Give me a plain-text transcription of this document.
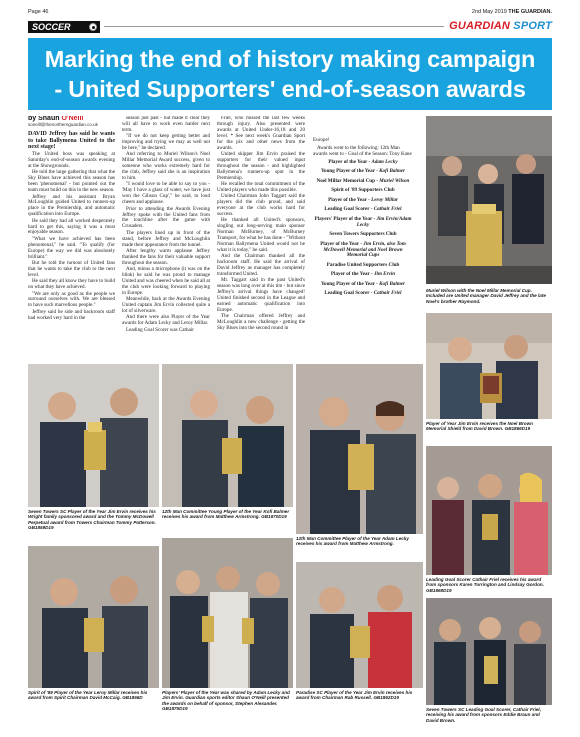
Page 46	2nd May 2019 THE GUARDIAN.
SOCCER	GUARDIAN SPORT
Marking the end of history making campaign
- United Supporters' end-of-season awards
by Shaun O'Neill
soneill@thenorthernguardian.co.uk
DAVID Jeffrey has said he wants to take Ballymena United to the next stage!

The United boss was speaking at Saturday's end-of-season awards evening at the Showgrounds.

He told the large gathering that what the Sky Blues have achieved this season has been 'phenomenal' - but pointed out the team must build on this in the new season.

Jeffrey and his assistant Bryan McLoughlin guided United to runners-up place in the Premiership, and automatic qualification into Europe.

He said they had all worked desperately hard to get this, saying it was a most enjoyable season.

"What we have achieved has been phenomenal," he said. "To qualify (for Europe) the way we did was absolutely brilliant."

But he told the turnout of United fans that he wants to take the club to the next level.

He said they all know they have to build on what they have achieved.

"We are only as good as the people we surround ourselves with. We are blessed to have such marvellous people."

Jeffrey said he side and backroom staff had worked very hard in the

season just past - but made it clear they will all have to work even harder next term.

"If we do not keep getting better and improving and trying we may as well not be here," he declared.

And referring to Muriel Wilson's Noel Millar Memorial Award success, given to someone who works extremely hard for the club, Jeffrey said she is an inspiration to him.

"I would love to be able to say to you - 'May I have a glass of water, we have just won the Gibson Cup'," he said, to loud cheers and applause.

Prior to attending the Awards Evening Jeffrey spoke with the United fans from the touchline after the game with Crusaders.

The players lined up in front of the stand, before Jeffrey and McLoughlin made their appearance from the tunnel.

After lengthy warm applause Jeffrey thanked the fans for their valuable support throughout the season.

And, minus a microphone (it was on the blink) he said he was proud to manage United and was cheered when he said all at the club were looking forward to playing in Europe.

Meanwhile, back at the Awards Evening United captain Jim Ervin collected quite a lot of silverware.

And there were also Player of the Year awards for Adam Lecky and Leroy Millar.

Leading Goal Scorer was Cathair

Friel, who missed the last few weeks through injury. Also presented were awards at United Under-16,18 and 20 level. * See next week's Guardian Sport for the pix and other news from the awards.

United skipper Jim Ervin praised the supporters for their valued input throughout the season - and highlighted Ballymena's runners-up spot in the Premiership.

He recalled the total commitment of the United players who made this possible.

United Chairman John Taggart said the players did the club proud, and said everyone at the club works hard for success.

He thanked all United's sponsors, singling out long-serving main sponsor Norman McBurney, of McBurney Transport, for what he has done - "Without Norman Ballymena United would not be what it is today," he said.

And the Chairman thanked all the backroom staff. He said the arrival of David Jeffrey as manager has completely transformed United.

Mr. Taggart said in the past United's season was long over at this tim - but since Jeffrey's arrival things have changed! United finished second in the League and earned automatic qualification into Europe.

The Chairman offered Jeffrey and McLoughlin a new challenge - getting the Sky Blues into the second round in

Europe!
Awards went to the following: 12th Man awards went to - Goal of the Season: Tony Kane
Player of the Year - Adam Lecky
Young Player of the Year - Kofi Balmer
Noel Millar Memorial Cup - Muriel Wilson
Spirit of '89 Supporters Club
Player of the Year - Leroy Millar
Leading Goal Scorer - Cathair Friel
Players' Player of the Year - Jim Ervin/Adam Lecky
Seven Towers Supporters Club
Player of the Year - Jim Ervin, also Tom McDowell Memorial and Noel Brown Memorial Cups
Paradise United Supporters Club
Player of the Year - Jim Ervin
Young Player of the Year - Kofi Balmer
Leading Goal Scorer - Cathair Friel	Muriel Wilson with the Noel Millar Memorial Cup. Included are United manager David Jeffrey and the late Noel's brother Raymond.
Player of Year Jim Ervin receives the Noel Brown Memorial Shield from David Brown. GB1866D19
Leading Goal Scorer Cathair Friel receives his award from sponsors Karen Torrington and Lindsay Gordon. GB1868D19
Seven Towers SC Leading Goal Scorer, Cathair Friel, receiving his award from sponsors Eddie Braun and David Brown.
Seven Towers SC Player of the Year Jim Ervin receives his Wright family sponsored award and the Tommy McDowell Perpetual award from Towers Chairman Tommy Patterson. GB1859D19
12th Man Committee Young Player of the Year Kofi Balmer receives his award from Matthew Armstrong. GB1870D19
12th Man Committee Player of the Year Adam Lecky receives his award from Matthew Armstrong.
Spirit of '89 Player of the Year Leroy Millar receives his award from Spirit Chairman David McCaig. GB1866D
Players' Player of the Year was shared by Adam Lecky and Jim Ervin. Guardian sports editor Shaun O'Neill presented the awards on behalf of sponsor, Stephen Alexander. GB1875D19
Paradise SC Player of the Year Jim Ervin receives his award from Chairman Rab Russell. GB1862D19
